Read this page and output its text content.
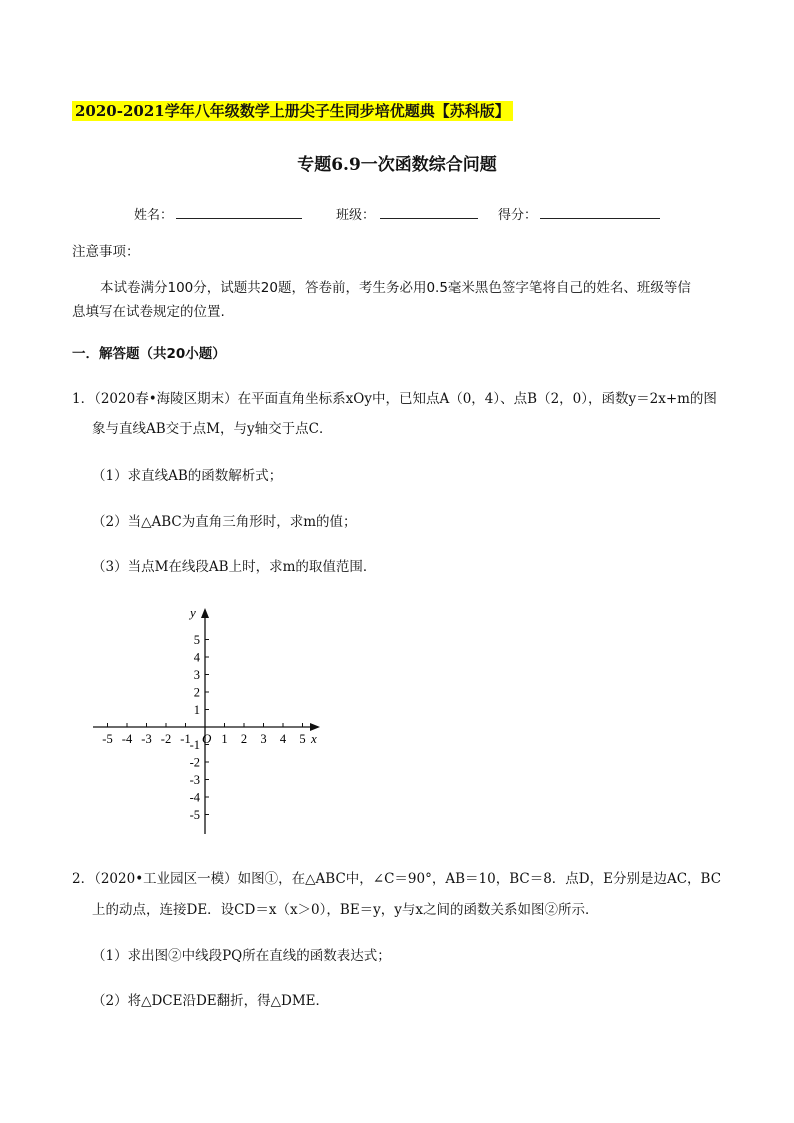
2020-2021学年八年级数学上册尖子生同步培优题典【苏科版】
专题6.9一次函数综合问题
姓名：	班级：	得分：
注意事项：
本试卷满分100分，试题共20题，答卷前，考生务必用0.5毫米黑色签字笔将自己的姓名、班级等信
息填写在试卷规定的位置.
一．解答题（共20小题）
1．（2020春•海陵区期末）在平面直角坐标系xOy中，已知点A（0，4）、点B（2，0），函数y＝2x+m的图
象与直线AB交于点M，与y轴交于点C．
（1）求直线AB的函数解析式；
（2）当△ABC为直角三角形时，求m的值；
（3）当点M在线段AB上时，求m的取值范围．
-5 -4 -3 -2 -1 1 2 3 4 5
5
4
3
2
1
-1
-2
-3
-4
-5
O	x
y
2．（2020•工业园区一模）如图①，在△ABC中，∠C＝90°，AB＝10，BC＝8．点D，E分别是边AC，BC
上的动点，连接DE．设CD＝x（x＞0），BE＝y，y与x之间的函数关系如图②所示．
（1）求出图②中线段PQ所在直线的函数表达式；
（2）将△DCE沿DE翻折，得△DME．
